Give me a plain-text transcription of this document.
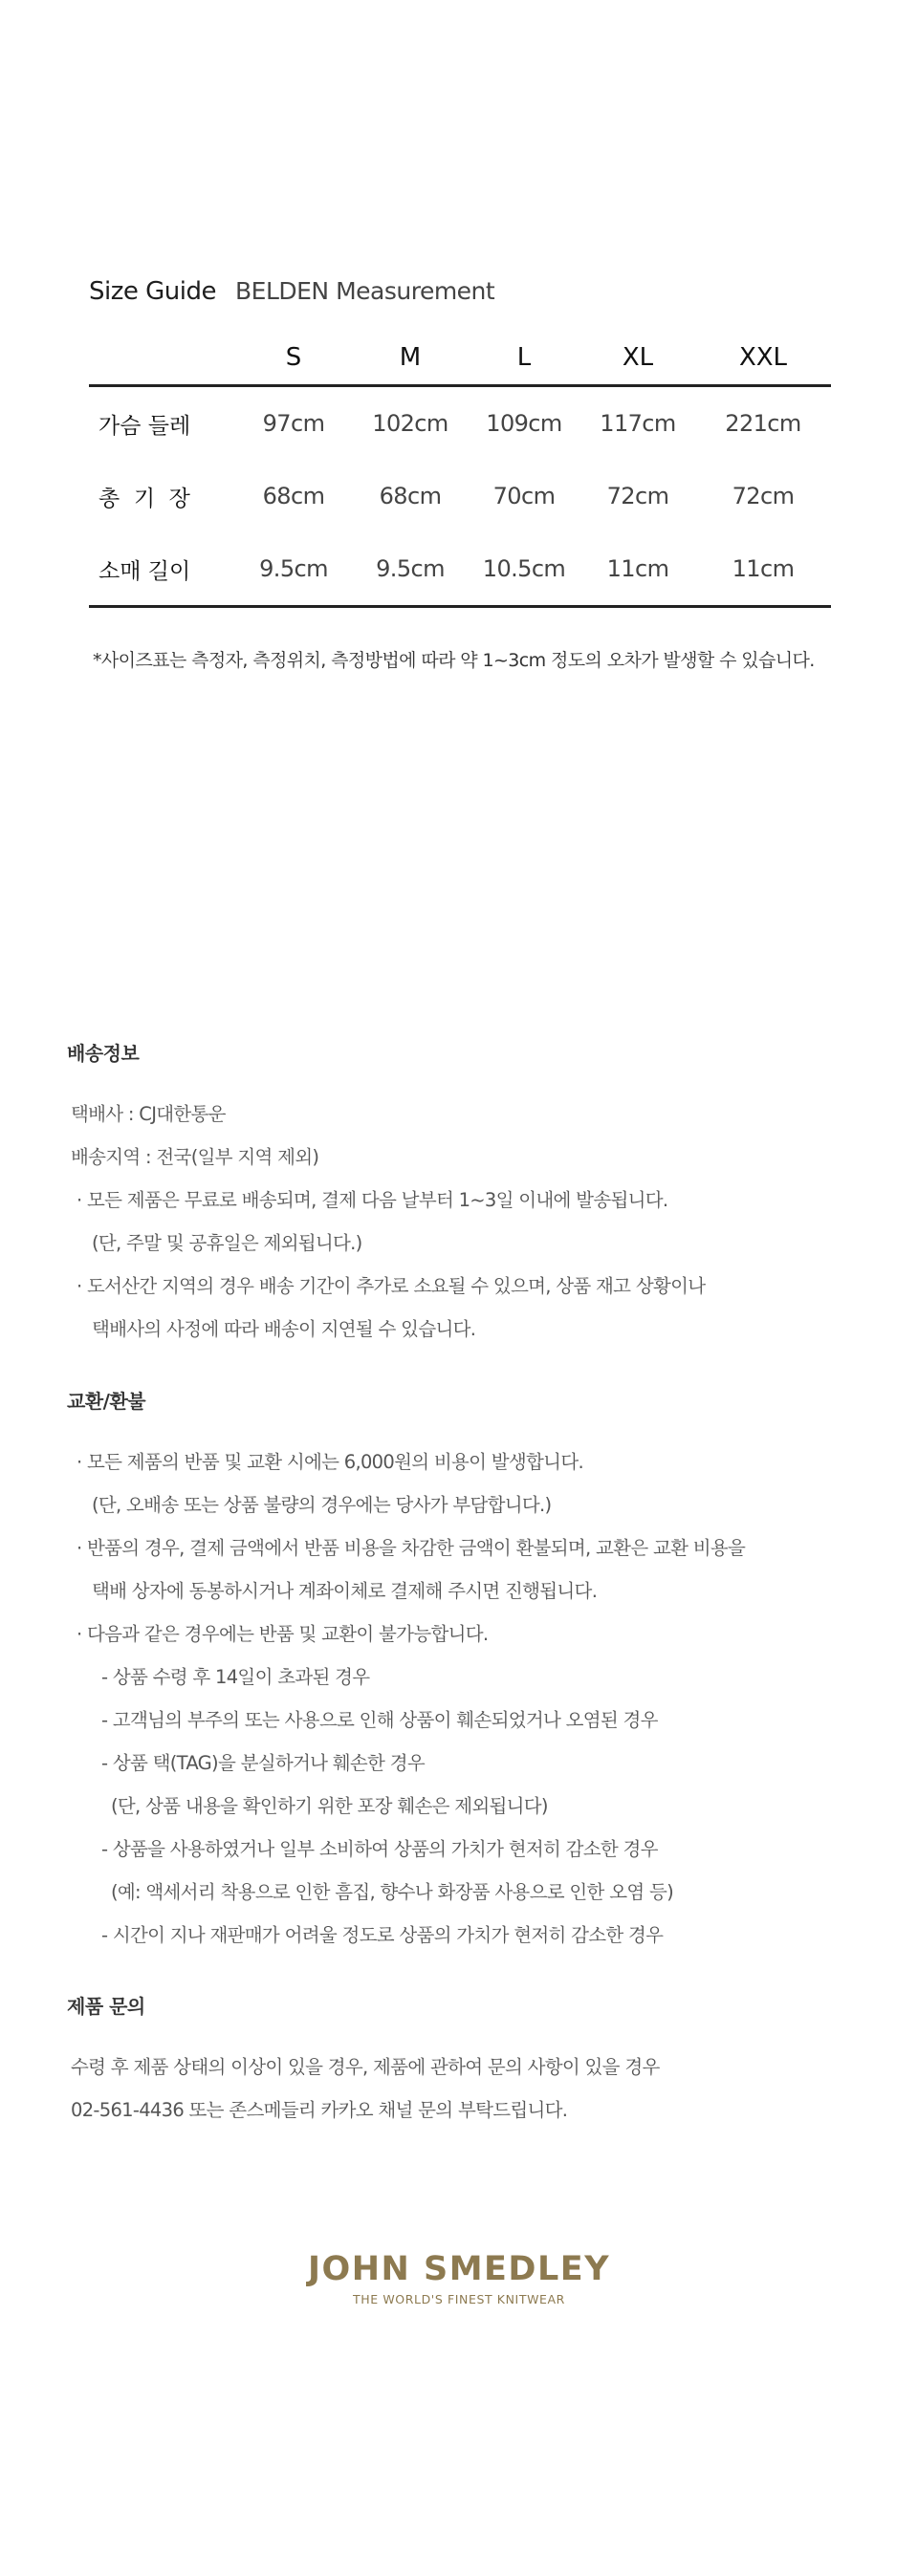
Size Guide BELDEN Measurement
	S	M	L	XL	XXL
가슴 들레	97cm	102cm	109cm	117cm	221cm
총  기  장	68cm	68cm	70cm	72cm	72cm
소매 길이	9.5cm	9.5cm	10.5cm	11cm	11cm
*사이즈표는 측정자, 측정위치, 측정방법에 따라 약 1~3cm 정도의 오차가 발생할 수 있습니다.
배송정보
택배사 : CJ대한통운
배송지역 : 전국(일부 지역 제외)
· 모든 제품은 무료로 배송되며, 결제 다음 날부터 1~3일 이내에 발송됩니다.
(단, 주말 및 공휴일은 제외됩니다.)
· 도서산간 지역의 경우 배송 기간이 추가로 소요될 수 있으며, 상품 재고 상황이나
택배사의 사정에 따라 배송이 지연될 수 있습니다.
교환/환불
· 모든 제품의 반품 및 교환 시에는 6,000원의 비용이 발생합니다.
(단, 오배송 또는 상품 불량의 경우에는 당사가 부담합니다.)
· 반품의 경우, 결제 금액에서 반품 비용을 차감한 금액이 환불되며, 교환은 교환 비용을
택배 상자에 동봉하시거나 계좌이체로 결제해 주시면 진행됩니다.
· 다음과 같은 경우에는 반품 및 교환이 불가능합니다.
- 상품 수령 후 14일이 초과된 경우
- 고객님의 부주의 또는 사용으로 인해 상품이 훼손되었거나 오염된 경우
- 상품 택(TAG)을 분실하거나 훼손한 경우
(단, 상품 내용을 확인하기 위한 포장 훼손은 제외됩니다)
- 상품을 사용하였거나 일부 소비하여 상품의 가치가 현저히 감소한 경우
(예: 액세서리 착용으로 인한 흠집, 향수나 화장품 사용으로 인한 오염 등)
- 시간이 지나 재판매가 어려울 정도로 상품의 가치가 현저히 감소한 경우
제품 문의
수령 후 제품 상태의 이상이 있을 경우, 제품에 관하여 문의 사항이 있을 경우
02-561-4436 또는 존스메들리 카카오 채널 문의 부탁드립니다.
JOHN SMEDLEY
THE WORLD'S FINEST KNITWEAR
